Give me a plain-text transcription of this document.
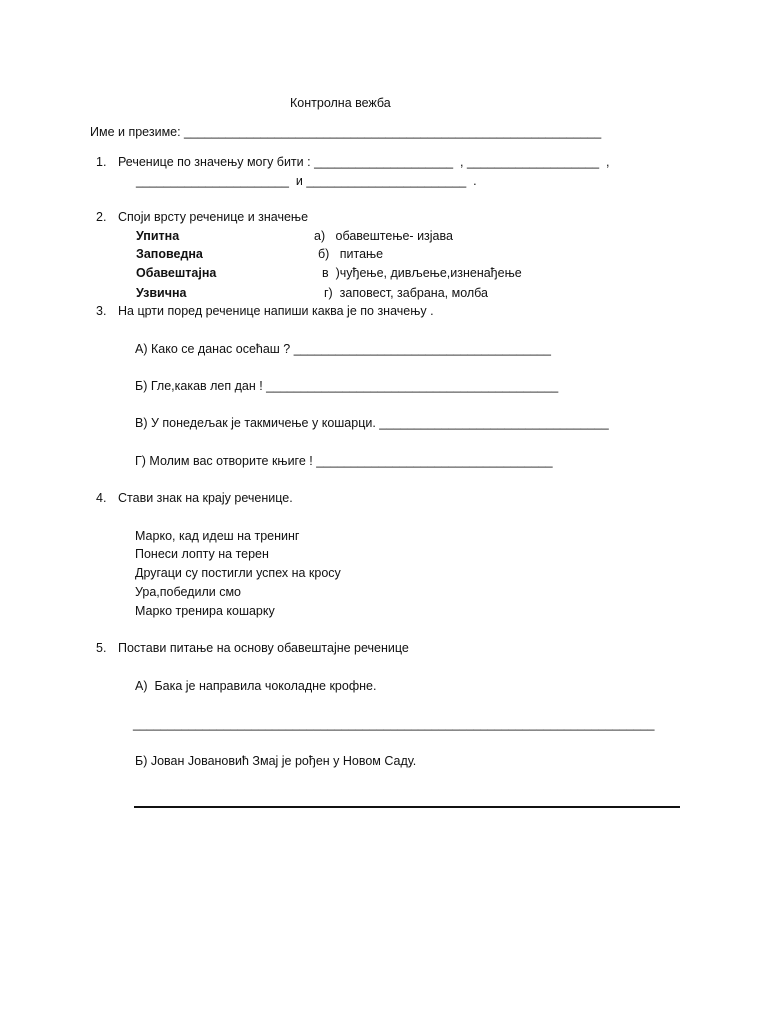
Контролна вежба
Име и презиме: ____________________________________________________________
1. Реченице по значењу могу бити : ____________________  , ___________________  ,
______________________  и _______________________  .
2. Споји врсту реченице и значење
Упитна
Заповедна
Обавештајна
Узвична
а)   обавештење- изјава
б)   питање
в  )чуђење, дивљење,изненађење
г)  заповест, забрана, молба
3. На црти поред реченице напиши каква је по значењу .
А) Како се данас осећаш ? _____________________________________
Б) Гле,какав леп дан ! __________________________________________
В) У понедељак је такмичење у кошарци. _________________________________
Г) Молим вас отворите књиге ! __________________________________
4. Стави знак на крају реченице.
Марко, кад идеш на тренинг
Понеси лопту на терен
Другаци су постигли успех на кросу
Ура,победили смо
Марко тренира кошарку
5. Постави питање на основу обавештајне реченице
А)  Бака је направила чоколадне крофне.
___________________________________________________________________________
Б) Јован Јовановић Змај је рођен у Новом Саду.
